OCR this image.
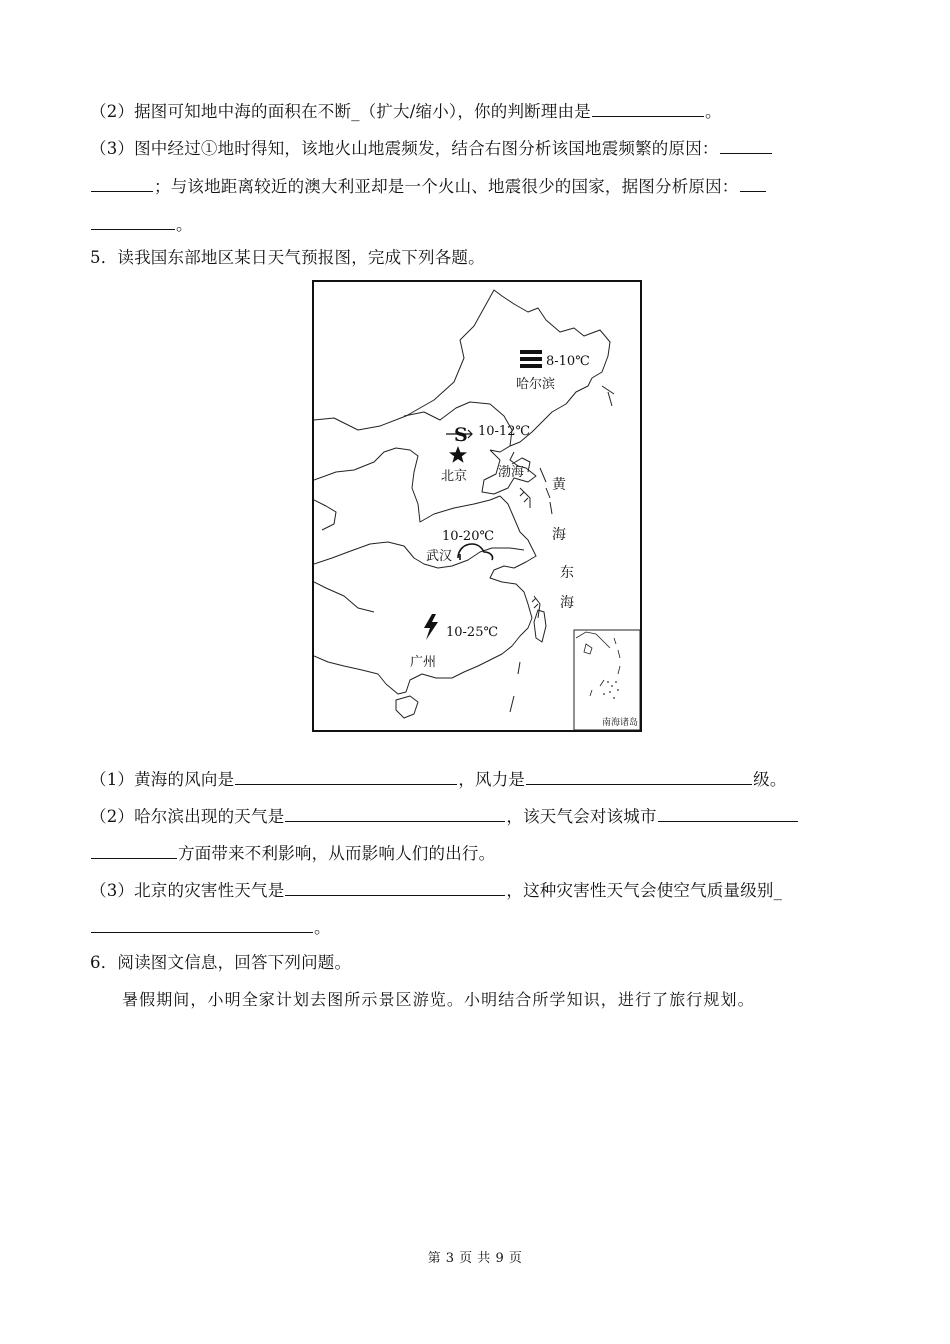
（2）据图可知地中海的面积在不断_（扩大/缩小），你的判断理由是	。
（3）图中经过①地时得知，该地火山地震频发，结合右图分析该国地震频繁的原因：
；与该地距离较近的澳大利亚却是一个火山、地震很少的国家，据图分析原因：
。
5．读我国东部地区某日天气预报图，完成下列各题。
8-10℃
哈尔滨
S 10-12℃
北京 渤海
黄
海
10-20℃
武汉
东
海
10-25℃
广州
南海诸岛
（1）黄海的风向是	，风力是	级。
（2）哈尔滨出现的天气是	，该天气会对该城市
方面带来不利影响，从而影响人们的出行。
（3）北京的灾害性天气是	，这种灾害性天气会使空气质量级别_
。
6．阅读图文信息，回答下列问题。
暑假期间，小明全家计划去图所示景区游览。小明结合所学知识，进行了旅行规划。
第 3 页 共 9 页
